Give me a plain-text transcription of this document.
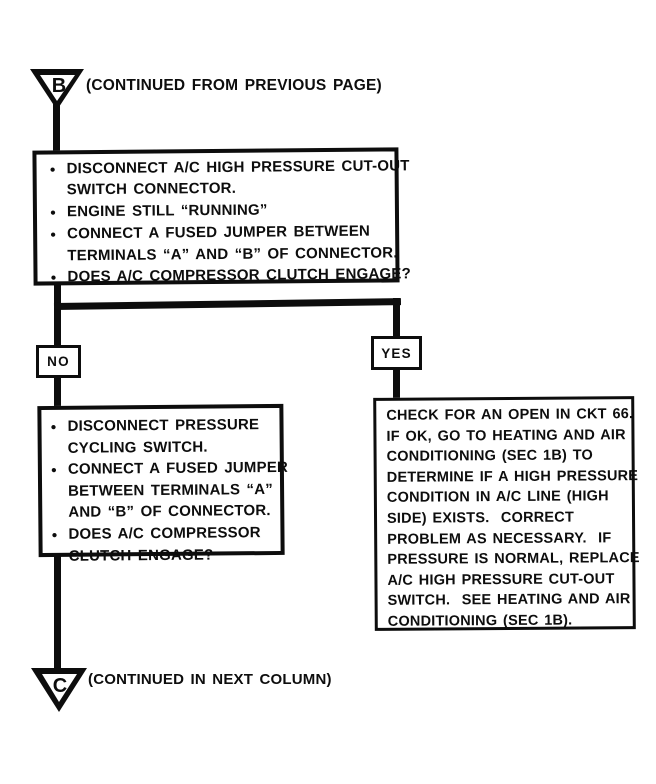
B (CONTINUED FROM PREVIOUS PAGE)
● DISCONNECT A/C HIGH PRESSURE CUT-OUT
SWITCH CONNECTOR.
● ENGINE STILL “RUNNING”
● CONNECT A FUSED JUMPER BETWEEN
TERMINALS “A” AND “B” OF CONNECTOR.
● DOES A/C COMPRESSOR CLUTCH ENGAGE?
NO
YES
● DISCONNECT PRESSURE
CYCLING SWITCH.
● CONNECT A FUSED JUMPER
BETWEEN TERMINALS “A”
AND “B” OF CONNECTOR.
● DOES A/C COMPRESSOR
CLUTCH ENGAGE?
CHECK FOR AN OPEN IN CKT 66.
IF OK, GO TO HEATING AND AIR
CONDITIONING (SEC 1B) TO
DETERMINE IF A HIGH PRESSURE
CONDITION IN A/C LINE (HIGH
SIDE) EXISTS.  CORRECT
PROBLEM AS NECESSARY.  IF
PRESSURE IS NORMAL, REPLACE
A/C HIGH PRESSURE CUT-OUT
SWITCH.  SEE HEATING AND AIR
CONDITIONING (SEC 1B).
C (CONTINUED IN NEXT COLUMN)
